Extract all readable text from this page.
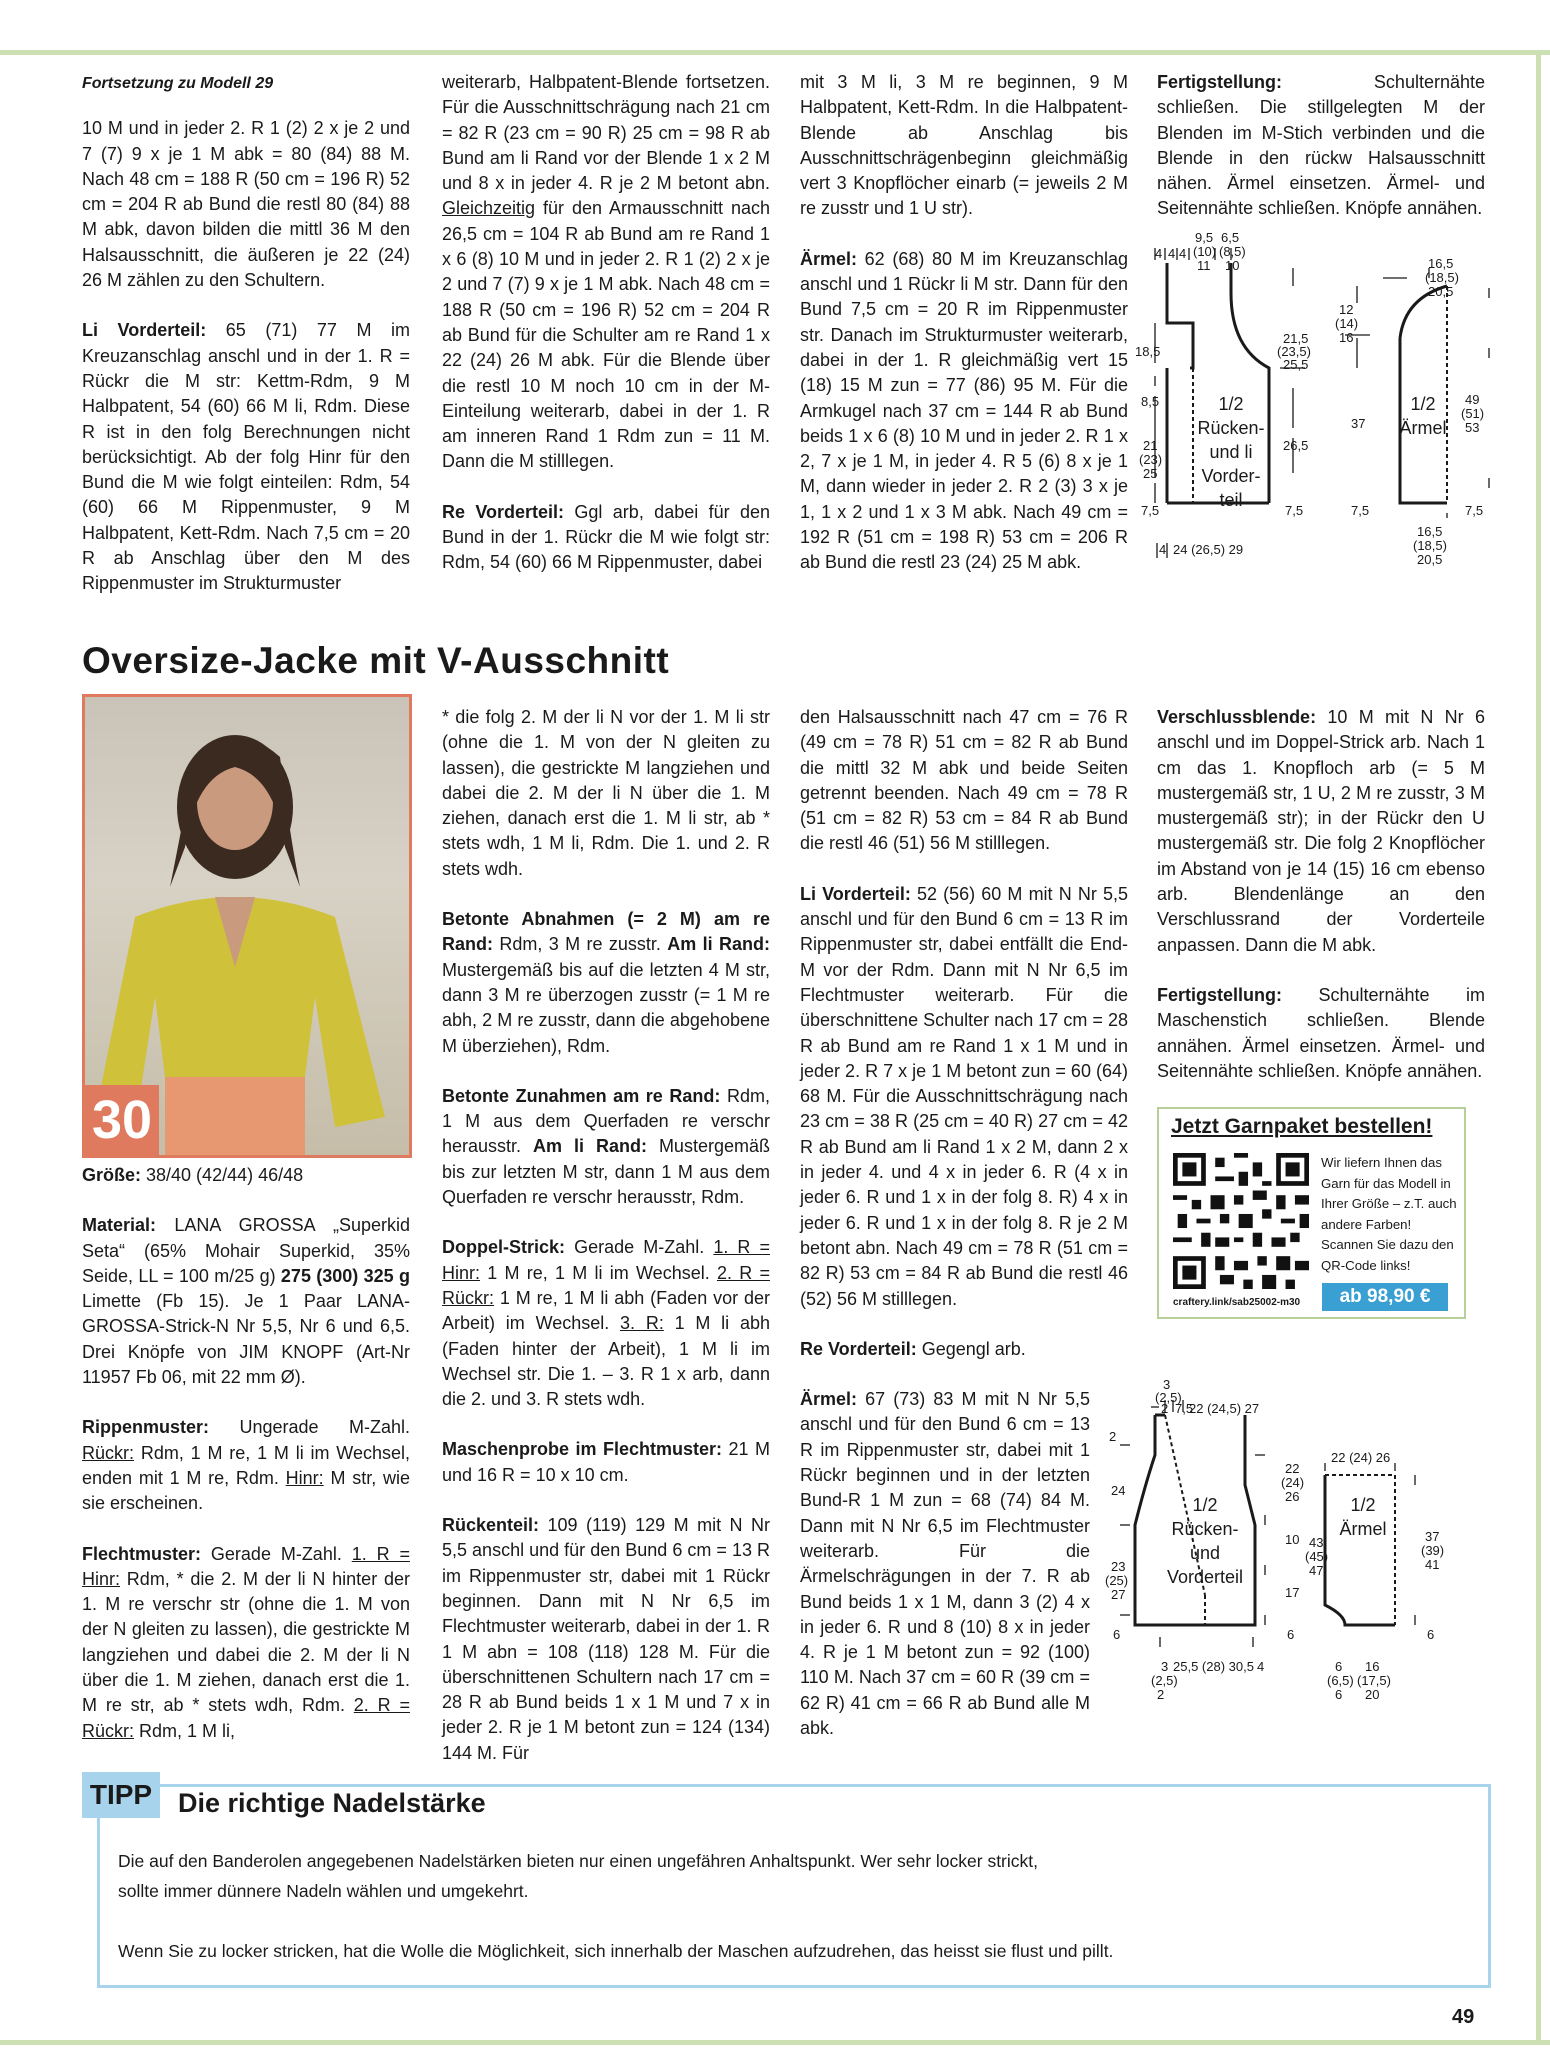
Fortsetzung zu Modell 29

10 M und in jeder 2. R 1 (2) 2 x je 2 und 7 (7) 9 x je 1 M abk = 80 (84) 88 M. Nach 48 cm = 188 R (50 cm = 196 R) 52 cm = 204 R ab Bund die restl 80 (84) 88 M abk, davon bilden die mittl 36 M den Halsausschnitt, die äußeren je 22 (24) 26 M zählen zu den Schultern.

Li Vorderteil: 65 (71) 77 M im Kreuzanschlag anschl und in der 1. R = Rückr die M str: Kettm-Rdm, 9 M Halbpatent, 54 (60) 66 M li, Rdm. Diese R ist in den folg Berechnungen nicht berücksichtigt. Ab der folg Hinr für den Bund die M wie folgt einteilen: Rdm, 54 (60) 66 M Rippenmuster, 9 M Halbpatent, Kett-Rdm. Nach 7,5 cm = 20 R ab Anschlag über den M des Rippenmuster im Strukturmuster

weiterarb, Halbpatent-Blende fortsetzen. Für die Ausschnittschrägung nach 21 cm = 82 R (23 cm = 90 R) 25 cm = 98 R ab Bund am li Rand vor der Blende 1 x 2 M und 8 x in jeder 4. R je 2 M betont abn. Gleichzeitig für den Armausschnitt nach 26,5 cm = 104 R ab Bund am re Rand 1 x 6 (8) 10 M und in jeder 2. R 1 (2) 2 x je 2 und 7 (7) 9 x je 1 M abk. Nach 48 cm = 188 R (50 cm = 196 R) 52 cm = 204 R ab Bund für die Schulter am re Rand 1 x 22 (24) 26 M abk. Für die Blende über die restl 10 M noch 10 cm in der M-Einteilung weiterarb, dabei in der 1. R am inneren Rand 1 Rdm zun = 11 M. Dann die M stilllegen.

Re Vorderteil: Ggl arb, dabei für den Bund in der 1. Rückr die M wie folgt str: Rdm, 54 (60) 66 M Rippenmuster, dabei

mit 3 M li, 3 M re beginnen, 9 M Halbpatent, Kett-Rdm. In die Halbpatent-Blende ab Anschlag bis Ausschnittschrägenbeginn gleichmäßig vert 3 Knopflöcher einarb (= jeweils 2 M re zusstr und 1 U str).

Ärmel: 62 (68) 80 M im Kreuzanschlag anschl und 1 Rückr li M str. Dann für den Bund 7,5 cm = 20 R im Rippenmuster str. Danach im Strukturmuster weiterarb, dabei in der 1. R gleichmäßig vert 15 (18) 15 M zun = 77 (86) 95 M. Für die Armkugel nach 37 cm = 144 R ab Bund beids 1 x 6 (8) 10 M und in jeder 2. R 1 x 2, 7 x je 1 M, in jeder 4. R 5 (6) 8 x je 1 M, dann wieder in jeder 2. R 2 (3) 3 x je 1, 1 x 2 und 1 x 3 M abk. Nach 49 cm = 192 R (51 cm = 198 R) 53 cm = 206 R ab Bund die restl 23 (24) 25 M abk.

Fertigstellung: Schulternähte schließen. Die stillgelegten M der Blenden im M-Stich verbinden und die Blende in den rückw Halsausschnitt nähen. Ärmel einsetzen. Ärmel- und Seitennähte schließen. Knöpfe annähen.

4 4 4
9,5
(10)
11
6,5
(8,5)
10
18,5
8,5
21
(23)
25
7,5
21,5
(23,5)
25,5
26,5
7,5
4 24 (26,5) 29
12
(14)
16
37
7,5
16,5
(18,5)
20,5
49
(51)
53
7,5
16,5
(18,5)
20,5
1/2
Rücken-
und li
Vorder-
teil
1/2
Ärmel
Oversize-Jacke mit V-Ausschnitt
30

Größe: 38/40 (42/44) 46/48

Material: LANA GROSSA „Superkid Seta“ (65% Mohair Superkid, 35% Seide, LL = 100 m/25 g) 275 (300) 325 g Limette (Fb 15). Je 1 Paar LANA-GROSSA-Strick-N Nr 5,5, Nr 6 und 6,5. Drei Knöpfe von JIM KNOPF (Art-Nr 11957 Fb 06, mit 22 mm Ø).

Rippenmuster: Ungerade M-Zahl. Rückr: Rdm, 1 M re, 1 M li im Wechsel, enden mit 1 M re, Rdm. Hinr: M str, wie sie erscheinen.

Flechtmuster: Gerade M-Zahl. 1. R = Hinr: Rdm, * die 2. M der li N hinter der 1. M re verschr str (ohne die 1. M von der N gleiten zu lassen), die gestrickte M langziehen und dabei die 2. M der li N über die 1. M ziehen, danach erst die 1. M re str, ab * stets wdh, Rdm. 2. R = Rückr: Rdm, 1 M li,

* die folg 2. M der li N vor der 1. M li str (ohne die 1. M von der N gleiten zu lassen), die gestrickte M langziehen und dabei die 2. M der li N über die 1. M ziehen, danach erst die 1. M li str, ab * stets wdh, 1 M li, Rdm. Die 1. und 2. R stets wdh.

Betonte Abnahmen (= 2 M) am re Rand: Rdm, 3 M re zusstr. Am li Rand: Mustergemäß bis auf die letzten 4 M str, dann 3 M re überzogen zusstr (= 1 M re abh, 2 M re zusstr, dann die abgehobene M überziehen), Rdm.

Betonte Zunahmen am re Rand: Rdm, 1 M aus dem Querfaden re verschr herausstr. Am li Rand: Mustergemäß bis zur letzten M str, dann 1 M aus dem Querfaden re verschr herausstr, Rdm.

Doppel-Strick: Gerade M-Zahl. 1. R = Hinr: 1 M re, 1 M li im Wechsel. 2. R = Rückr: 1 M re, 1 M li abh (Faden vor der Arbeit) im Wechsel. 3. R: 1 M li abh (Faden hinter der Arbeit), 1 M li im Wechsel str. Die 1. – 3. R 1 x arb, dann die 2. und 3. R stets wdh.

Maschenprobe im Flechtmuster: 21 M und 16 R = 10 x 10 cm.

Rückenteil: 109 (119) 129 M mit N Nr 5,5 anschl und für den Bund 6 cm = 13 R im Rippenmuster str, dabei mit 1 Rückr beginnen. Dann mit N Nr 6,5 im Flechtmuster weiterarb, dabei in der 1. R 1 M abn = 108 (118) 128 M. Für die überschnittenen Schultern nach 17 cm = 28 R ab Bund beids 1 x 1 M und 7 x in jeder 2. R je 1 M betont zun = 124 (134) 144 M. Für

den Halsausschnitt nach 47 cm = 76 R (49 cm = 78 R) 51 cm = 82 R ab Bund die mittl 32 M abk und beide Seiten getrennt beenden. Nach 49 cm = 78 R (51 cm = 82 R) 53 cm = 84 R ab Bund die restl 46 (51) 56 M stilllegen.

Li Vorderteil: 52 (56) 60 M mit N Nr 5,5 anschl und für den Bund 6 cm = 13 R im Rippenmuster str, dabei entfällt die End-M vor der Rdm. Dann mit N Nr 6,5 im Flechtmuster weiterarb. Für die überschnittene Schulter nach 17 cm = 28 R ab Bund am re Rand 1 x 1 M und in jeder 2. R 7 x je 1 M betont zun = 60 (64) 68 M. Für die Ausschnittschrägung nach 23 cm = 38 R (25 cm = 40 R) 27 cm = 42 R ab Bund am li Rand 1 x 2 M, dann 2 x in jeder 4. und 4 x in jeder 6. R (4 x in jeder 6. R und 1 x in der folg 8. R) 4 x in jeder 6. R und 1 x in der folg 8. R je 2 M betont abn. Nach 49 cm = 78 R (51 cm = 82 R) 53 cm = 84 R ab Bund die restl 46 (52) 56 M stilllegen.

Re Vorderteil: Gegengl arb.

Ärmel: 67 (73) 83 M mit N Nr 5,5 anschl und für den Bund 6 cm = 13 R im Rippenmuster str, dabei mit 1 Rückr beginnen und in der letzten Bund-R 1 M zun = 68 (74) 84 M. Dann mit N Nr 6,5 im Flechtmuster weiterarb. Für die Ärmelschrägungen in der 7. R ab Bund beids 1 x 1 M, dann 3 (2) 4 x in jeder 6. R und 8 (10) 8 x in jeder 4. R je 1 M betont zun = 92 (100) 110 M. Nach 37 cm = 60 R (39 cm = 62 R) 41 cm = 66 R ab Bund alle M abk.

Verschlussblende: 10 M mit N Nr 6 anschl und im Doppel-Strick arb. Nach 1 cm das 1. Knopfloch arb (= 5 M mustergemäß str, 1 U, 2 M re zusstr, 3 M mustergemäß str); in der Rückr den U mustergemäß str. Die folg 2 Knopflöcher im Abstand von je 14 (15) 16 cm ebenso arb. Blendenlänge an den Verschlussrand der Vorderteile anpassen. Dann die M abk.

Fertigstellung: Schulternähte im Maschenstich schließen. Blende annähen. Ärmel einsetzen. Ärmel- und Seitennähte schließen. Knöpfe annähen.

Jetzt Garnpaket bestellen!
Wir liefern Ihnen das Garn für das Modell in Ihrer Größe – z.T. auch andere Farben! Scannen Sie dazu den QR-Code links!
craftery.link/sab25002-m30	ab 98,90 €
3
(2,5)
2 7,5
22 (24,5) 27
2
24
23
(25)
27
6
22
(24)
26
10
17
6
3 25,5 (28) 30,5 4
(2,5)
2
22 (24) 26
43
(45)
47
37
(39)
41
6
6
(6,5)
6
16
(17,5)
20
1/2
Rücken-
und
Vorderteil
1/2
Ärmel
TIPP Die richtige Nadelstärke

Die auf den Banderolen angegebenen Nadelstärken bieten nur einen ungefähren Anhaltspunkt. Wer sehr locker strickt,

sollte immer dünnere Nadeln wählen und umgekehrt.

Wenn Sie zu locker stricken, hat die Wolle die Möglichkeit, sich innerhalb der Maschen aufzudrehen, das heisst sie flust und pillt.

49
